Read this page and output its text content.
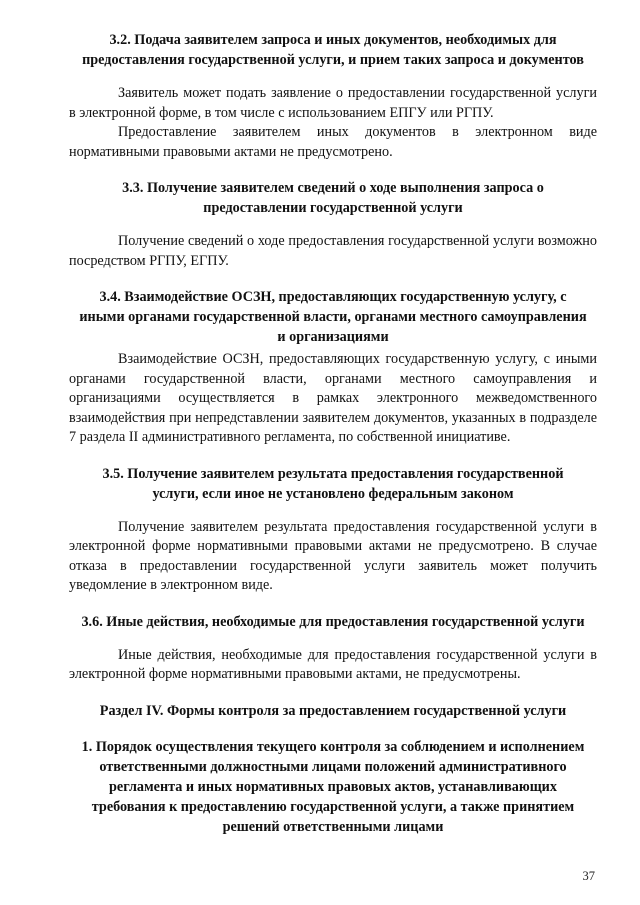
3.2. Подача заявителем запроса и иных документов, необходимых для предоставления государственной услуги, и прием таких запроса и документов

Заявитель может подать заявление о предоставлении государственной услуги в электронной форме, в том числе с использованием ЕПГУ или РГПУ.

Предоставление заявителем иных документов в электронном виде нормативными правовыми актами не предусмотрено.

3.3. Получение заявителем сведений о ходе выполнения запроса о предоставлении государственной услуги

Получение сведений о ходе предоставления государственной услуги возможно посредством РГПУ, ЕГПУ.

3.4. Взаимодействие ОСЗН, предоставляющих государственную услугу, с иными органами государственной власти, органами местного самоуправления и организациями

Взаимодействие ОСЗН, предоставляющих государственную услугу, с иными органами государственной власти, органами местного самоуправления и организациями осуществляется в рамках электронного межведомственного взаимодействия при непредставлении заявителем документов, указанных в подразделе 7 раздела II административного регламента, по собственной инициативе.

3.5. Получение заявителем результата предоставления государственной услуги, если иное не установлено федеральным законом

Получение заявителем результата предоставления государственной услуги в электронной форме нормативными правовыми актами не предусмотрено. В случае отказа в предоставлении государственной услуги заявитель может получить уведомление в электронном виде.

3.6. Иные действия, необходимые для предоставления государственной услуги

Иные действия, необходимые для предоставления государственной услуги в электронной форме нормативными правовыми актами, не предусмотрены.

Раздел IV. Формы контроля за предоставлением государственной услуги
1. Порядок осуществления текущего контроля за соблюдением и исполнением ответственными должностными лицами положений административного регламента и иных нормативных правовых актов, устанавливающих требования к предоставлению государственной услуги, а также принятием решений ответственными лицами
37
